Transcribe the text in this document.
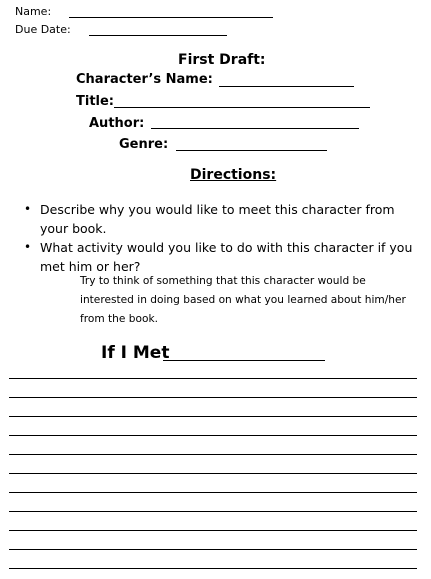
Name:
Due Date:
First Draft:
Character’s Name:
Title:
Author:
Genre:
Directions:
• Describe why you would like to meet this character from your book.
• What activity would you like to do with this character if you met him or her?
Try to think of something that this character would be interested in doing based on what you learned about him/her from the book.
If I Met
